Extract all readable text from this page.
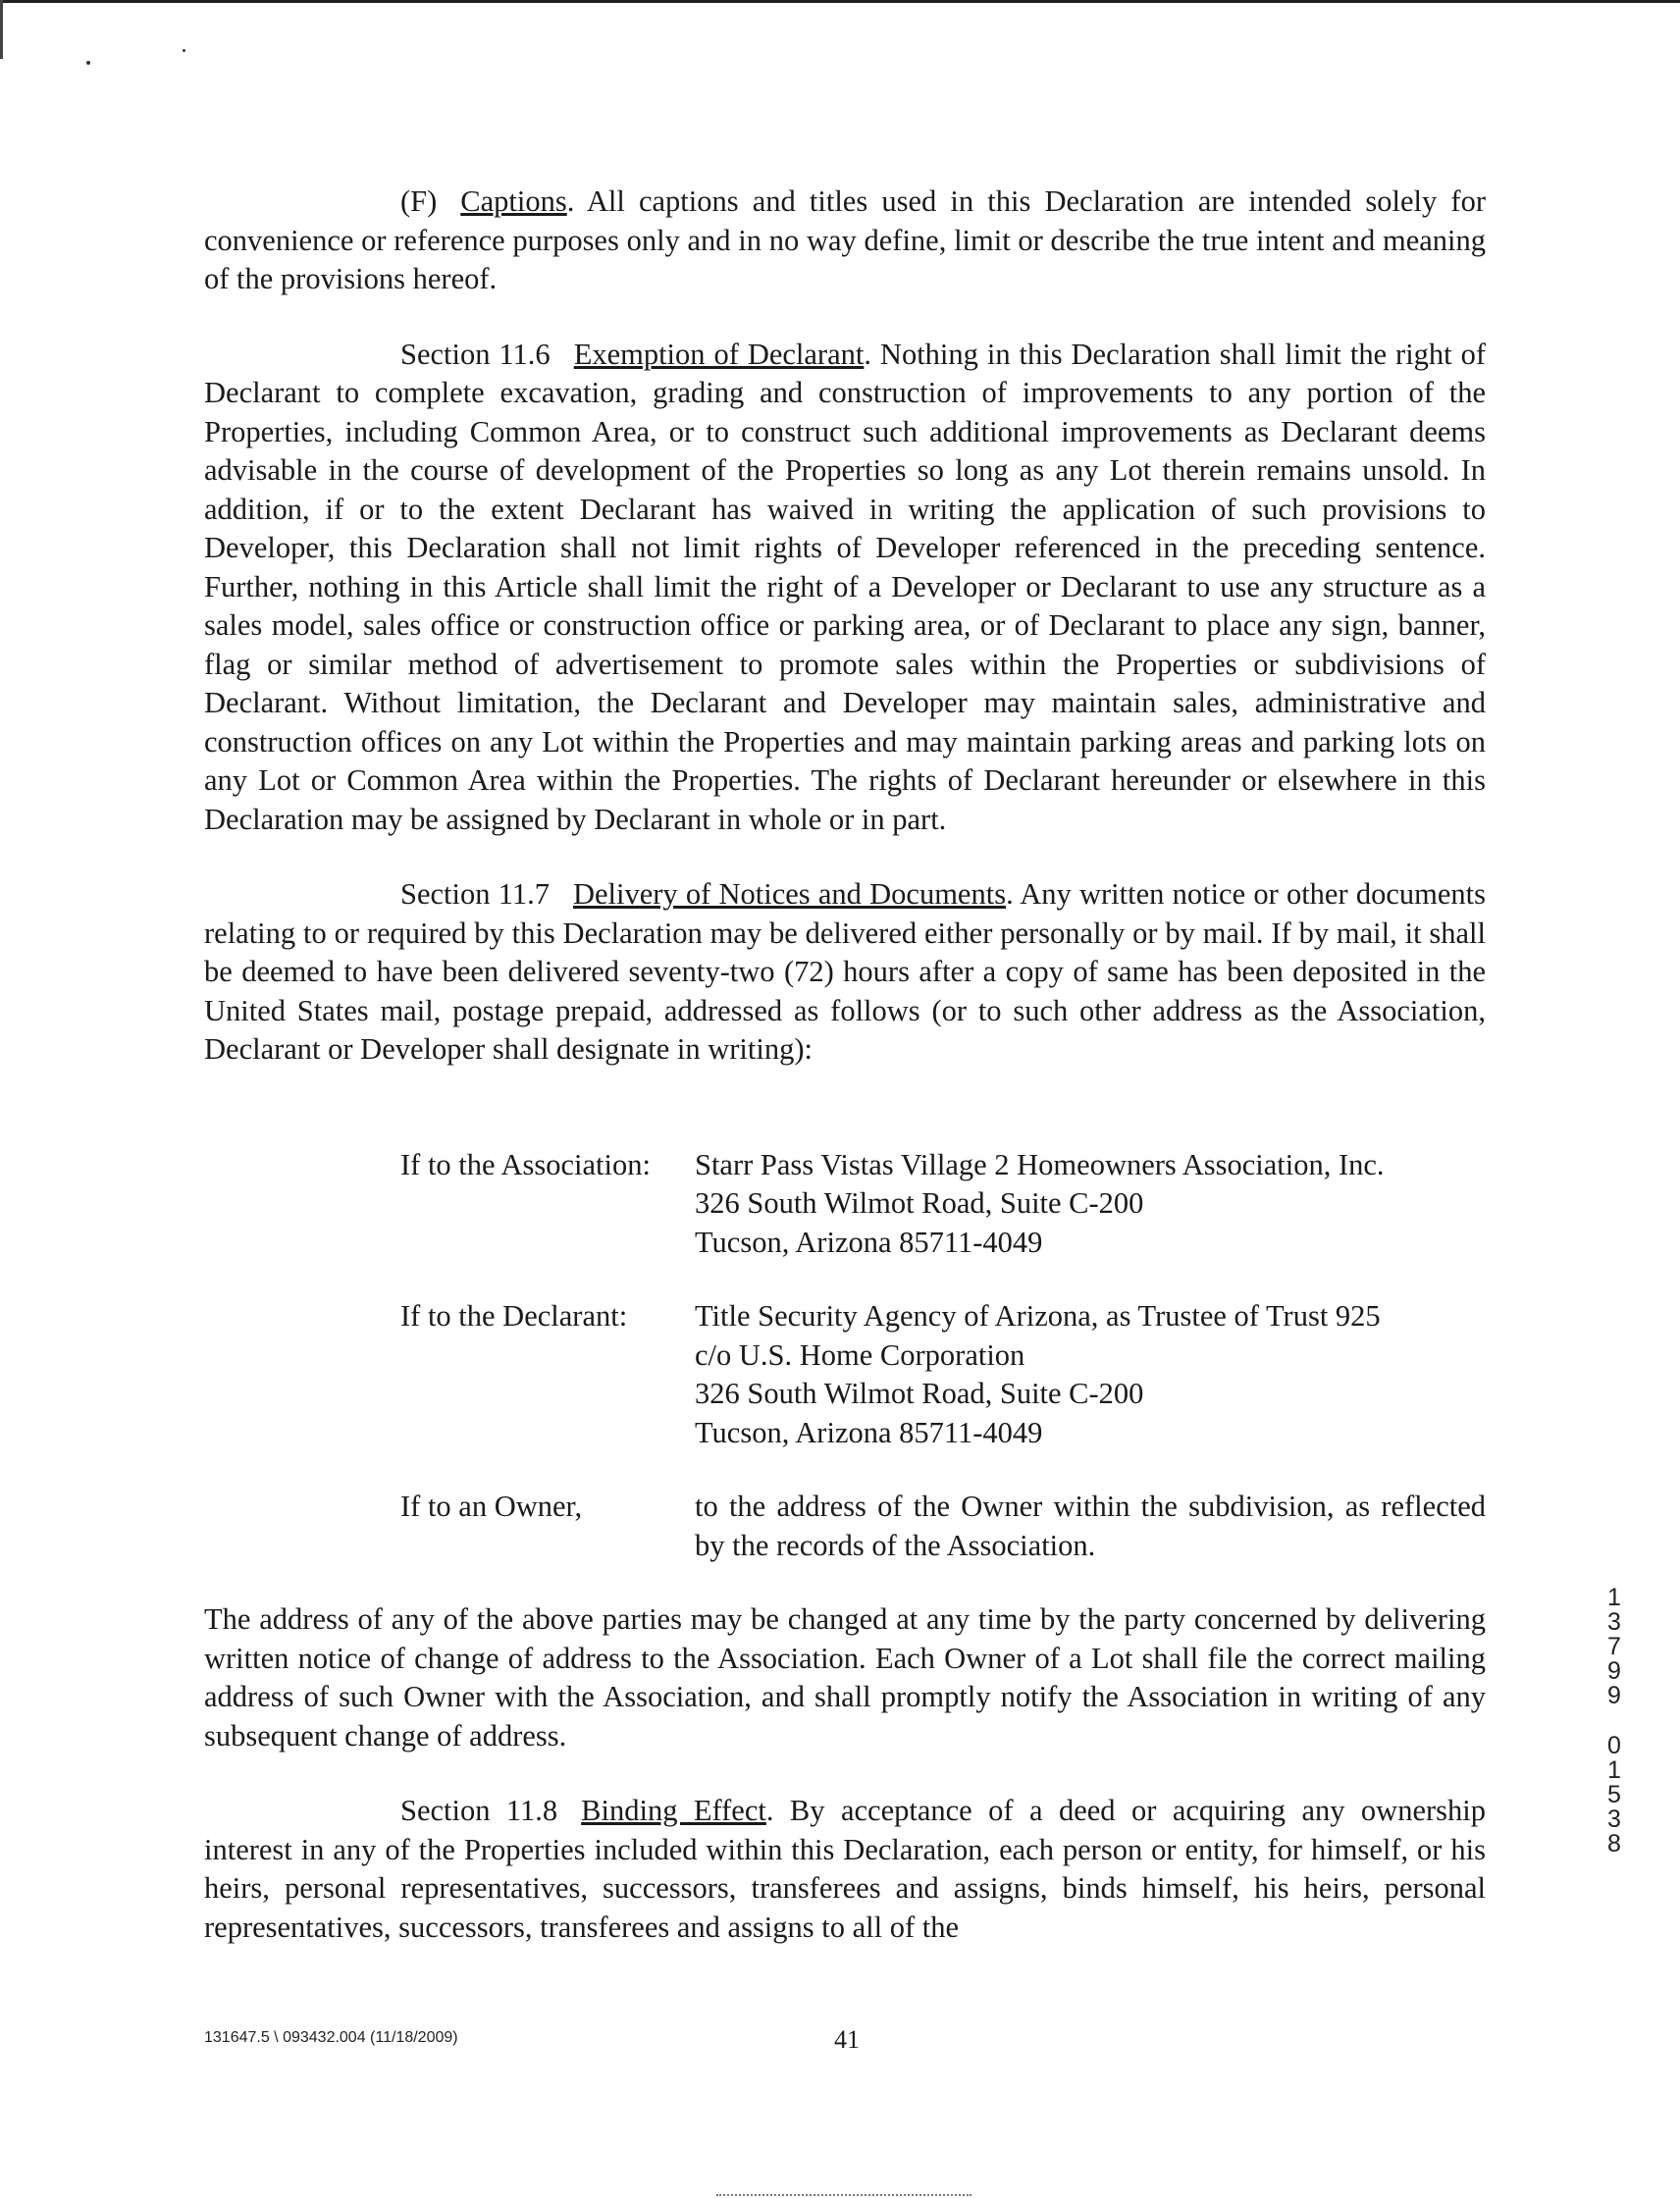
(F) Captions. All captions and titles used in this Declaration are intended solely for convenience or reference purposes only and in no way define, limit or describe the true intent and meaning of the provisions hereof.

Section 11.6 Exemption of Declarant. Nothing in this Declaration shall limit the right of Declarant to complete excavation, grading and construction of improvements to any portion of the Properties, including Common Area, or to construct such additional improvements as Declarant deems advisable in the course of development of the Properties so long as any Lot therein remains unsold. In addition, if or to the extent Declarant has waived in writing the application of such provisions to Developer, this Declaration shall not limit rights of Developer referenced in the preceding sentence. Further, nothing in this Article shall limit the right of a Developer or Declarant to use any structure as a sales model, sales office or construction office or parking area, or of Declarant to place any sign, banner, flag or similar method of advertisement to promote sales within the Properties or subdivisions of Declarant. Without limitation, the Declarant and Developer may maintain sales, administrative and construction offices on any Lot within the Properties and may maintain parking areas and parking lots on any Lot or Common Area within the Properties. The rights of Declarant hereunder or elsewhere in this Declaration may be assigned by Declarant in whole or in part.

Section 11.7 Delivery of Notices and Documents. Any written notice or other documents relating to or required by this Declaration may be delivered either personally or by mail. If by mail, it shall be deemed to have been delivered seventy-two (72) hours after a copy of same has been deposited in the United States mail, postage prepaid, addressed as follows (or to such other address as the Association, Declarant or Developer shall designate in writing):

If to the Association:	Starr Pass Vistas Village 2 Homeowners Association, Inc.
326 South Wilmot Road, Suite C-200
Tucson, Arizona 85711-4049
If to the Declarant:	Title Security Agency of Arizona, as Trustee of Trust 925
c/o U.S. Home Corporation
326 South Wilmot Road, Suite C-200
Tucson, Arizona 85711-4049
If to an Owner,	to the address of the Owner within the subdivision, as reflected by the records of the Association.

The address of any of the above parties may be changed at any time by the party concerned by delivering written notice of change of address to the Association. Each Owner of a Lot shall file the correct mailing address of such Owner with the Association, and shall promptly notify the Association in writing of any subsequent change of address.

Section 11.8 Binding Effect. By acceptance of a deed or acquiring any ownership interest in any of the Properties included within this Declaration, each person or entity, for himself, or his heirs, personal representatives, successors, transferees and assigns, binds himself, his heirs, personal representatives, successors, transferees and assigns to all of the

131647.5 \ 093432.004 (11/18/2009)	41
1
3
7
9
9
0
1
5
3
8
